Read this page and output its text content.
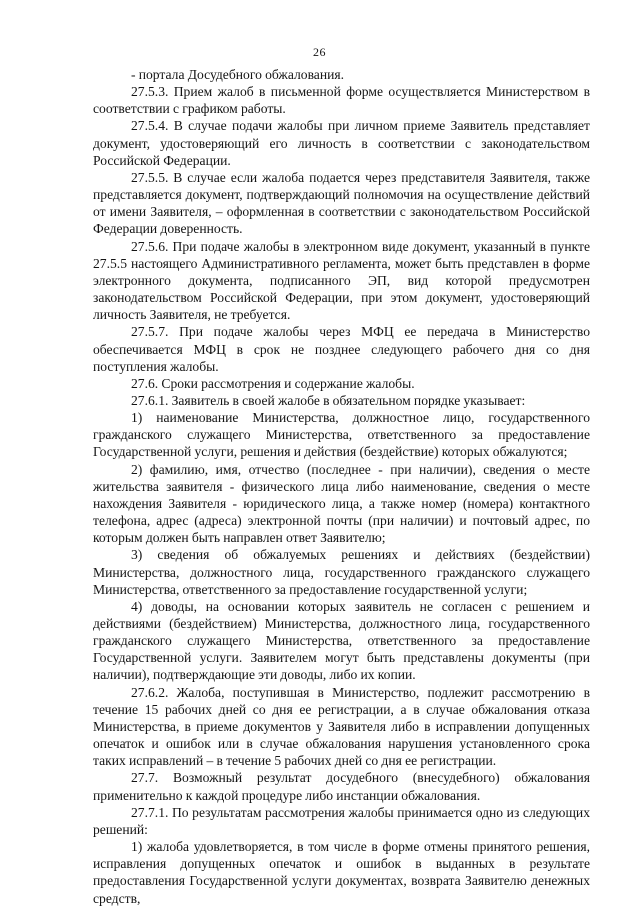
26

- портала Досудебного обжалования.

27.5.3. Прием жалоб в письменной форме осуществляется Министерством в соответствии с графиком работы.

27.5.4. В случае подачи жалобы при личном приеме Заявитель представляет документ, удостоверяющий его личность в соответствии с законодательством Российской Федерации.

27.5.5. В случае если жалоба подается через представителя Заявителя, также представляется документ, подтверждающий полномочия на осуществление действий от имени Заявителя, – оформленная в соответствии с законодательством Российской Федерации доверенность.

27.5.6. При подаче жалобы в электронном виде документ, указанный в пункте 27.5.5 настоящего Административного регламента, может быть представлен в форме электронного документа, подписанного ЭП, вид которой предусмотрен законодательством Российской Федерации, при этом документ, удостоверяющий личность Заявителя, не требуется.

27.5.7. При подаче жалобы через МФЦ ее передача в Министерство обеспечивается МФЦ в срок не позднее следующего рабочего дня со дня поступления жалобы.

27.6. Сроки рассмотрения и содержание жалобы.

27.6.1. Заявитель в своей жалобе в обязательном порядке указывает:

1) наименование Министерства, должностное лицо, государственного гражданского служащего Министерства, ответственного за предоставление Государственной услуги, решения и действия (бездействие) которых обжалуются;

2) фамилию, имя, отчество (последнее - при наличии), сведения о месте жительства заявителя - физического лица либо наименование, сведения о месте нахождения Заявителя - юридического лица, а также номер (номера) контактного телефона, адрес (адреса) электронной почты (при наличии) и почтовый адрес, по которым должен быть направлен ответ Заявителю;

3) сведения об обжалуемых решениях и действиях (бездействии) Министерства, должностного лица, государственного гражданского служащего Министерства, ответственного за предоставление государственной услуги;

4) доводы, на основании которых заявитель не согласен с решением и действиями (бездействием) Министерства, должностного лица, государственного гражданского служащего Министерства, ответственного за предоставление Государственной услуги. Заявителем могут быть представлены документы (при наличии), подтверждающие эти доводы, либо их копии.

27.6.2. Жалоба, поступившая в Министерство, подлежит рассмотрению в течение 15 рабочих дней со дня ее регистрации, а в случае обжалования отказа Министерства, в приеме документов у Заявителя либо в исправлении допущенных опечаток и ошибок или в случае обжалования нарушения установленного срока таких исправлений – в течение 5 рабочих дней со дня ее регистрации.

27.7. Возможный результат досудебного (внесудебного) обжалования применительно к каждой процедуре либо инстанции обжалования.

27.7.1. По результатам рассмотрения жалобы принимается одно из следующих решений:

1) жалоба удовлетворяется, в том числе в форме отмены принятого решения, исправления допущенных опечаток и ошибок в выданных в результате предоставления Государственной услуги документах, возврата Заявителю денежных средств,
